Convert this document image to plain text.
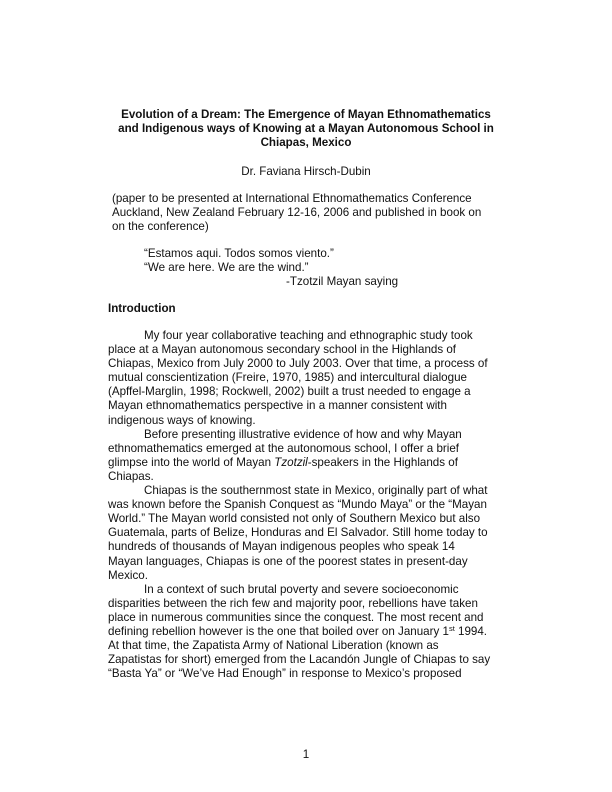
Evolution of a Dream: The Emergence of Mayan Ethnomathematics
and Indigenous ways of Knowing at a Mayan Autonomous School in
Chiapas, Mexico
Dr. Faviana Hirsch-Dubin
(paper to be presented at International Ethnomathematics Conference
Auckland, New Zealand February 12-16, 2006 and published in book on
on the conference)
“Estamos aqui. Todos somos viento.”
“We are here. We are the wind.”
-Tzotzil Mayan saying
Introduction
My four year collaborative teaching and ethnographic study took
place at a Mayan autonomous secondary school in the Highlands of
Chiapas, Mexico from July 2000 to July 2003. Over that time, a process of
mutual conscientization (Freire, 1970, 1985) and intercultural dialogue
(Apffel-Marglin, 1998; Rockwell, 2002) built a trust needed to engage a
Mayan ethnomathematics perspective in a manner consistent with
indigenous ways of knowing.
Before presenting illustrative evidence of how and why Mayan
ethnomathematics emerged at the autonomous school, I offer a brief
glimpse into the world of Mayan Tzotzil-speakers in the Highlands of
Chiapas.
Chiapas is the southernmost state in Mexico, originally part of what
was known before the Spanish Conquest as “Mundo Maya” or the “Mayan
World.” The Mayan world consisted not only of Southern Mexico but also
Guatemala, parts of Belize, Honduras and El Salvador. Still home today to
hundreds of thousands of Mayan indigenous peoples who speak 14
Mayan languages, Chiapas is one of the poorest states in present-day
Mexico.
In a context of such brutal poverty and severe socioeconomic
disparities between the rich few and majority poor, rebellions have taken
place in numerous communities since the conquest. The most recent and
defining rebellion however is the one that boiled over on January 1st 1994.
At that time, the Zapatista Army of National Liberation (known as
Zapatistas for short) emerged from the Lacandón Jungle of Chiapas to say
“Basta Ya” or “We’ve Had Enough” in response to Mexico’s proposed
1
